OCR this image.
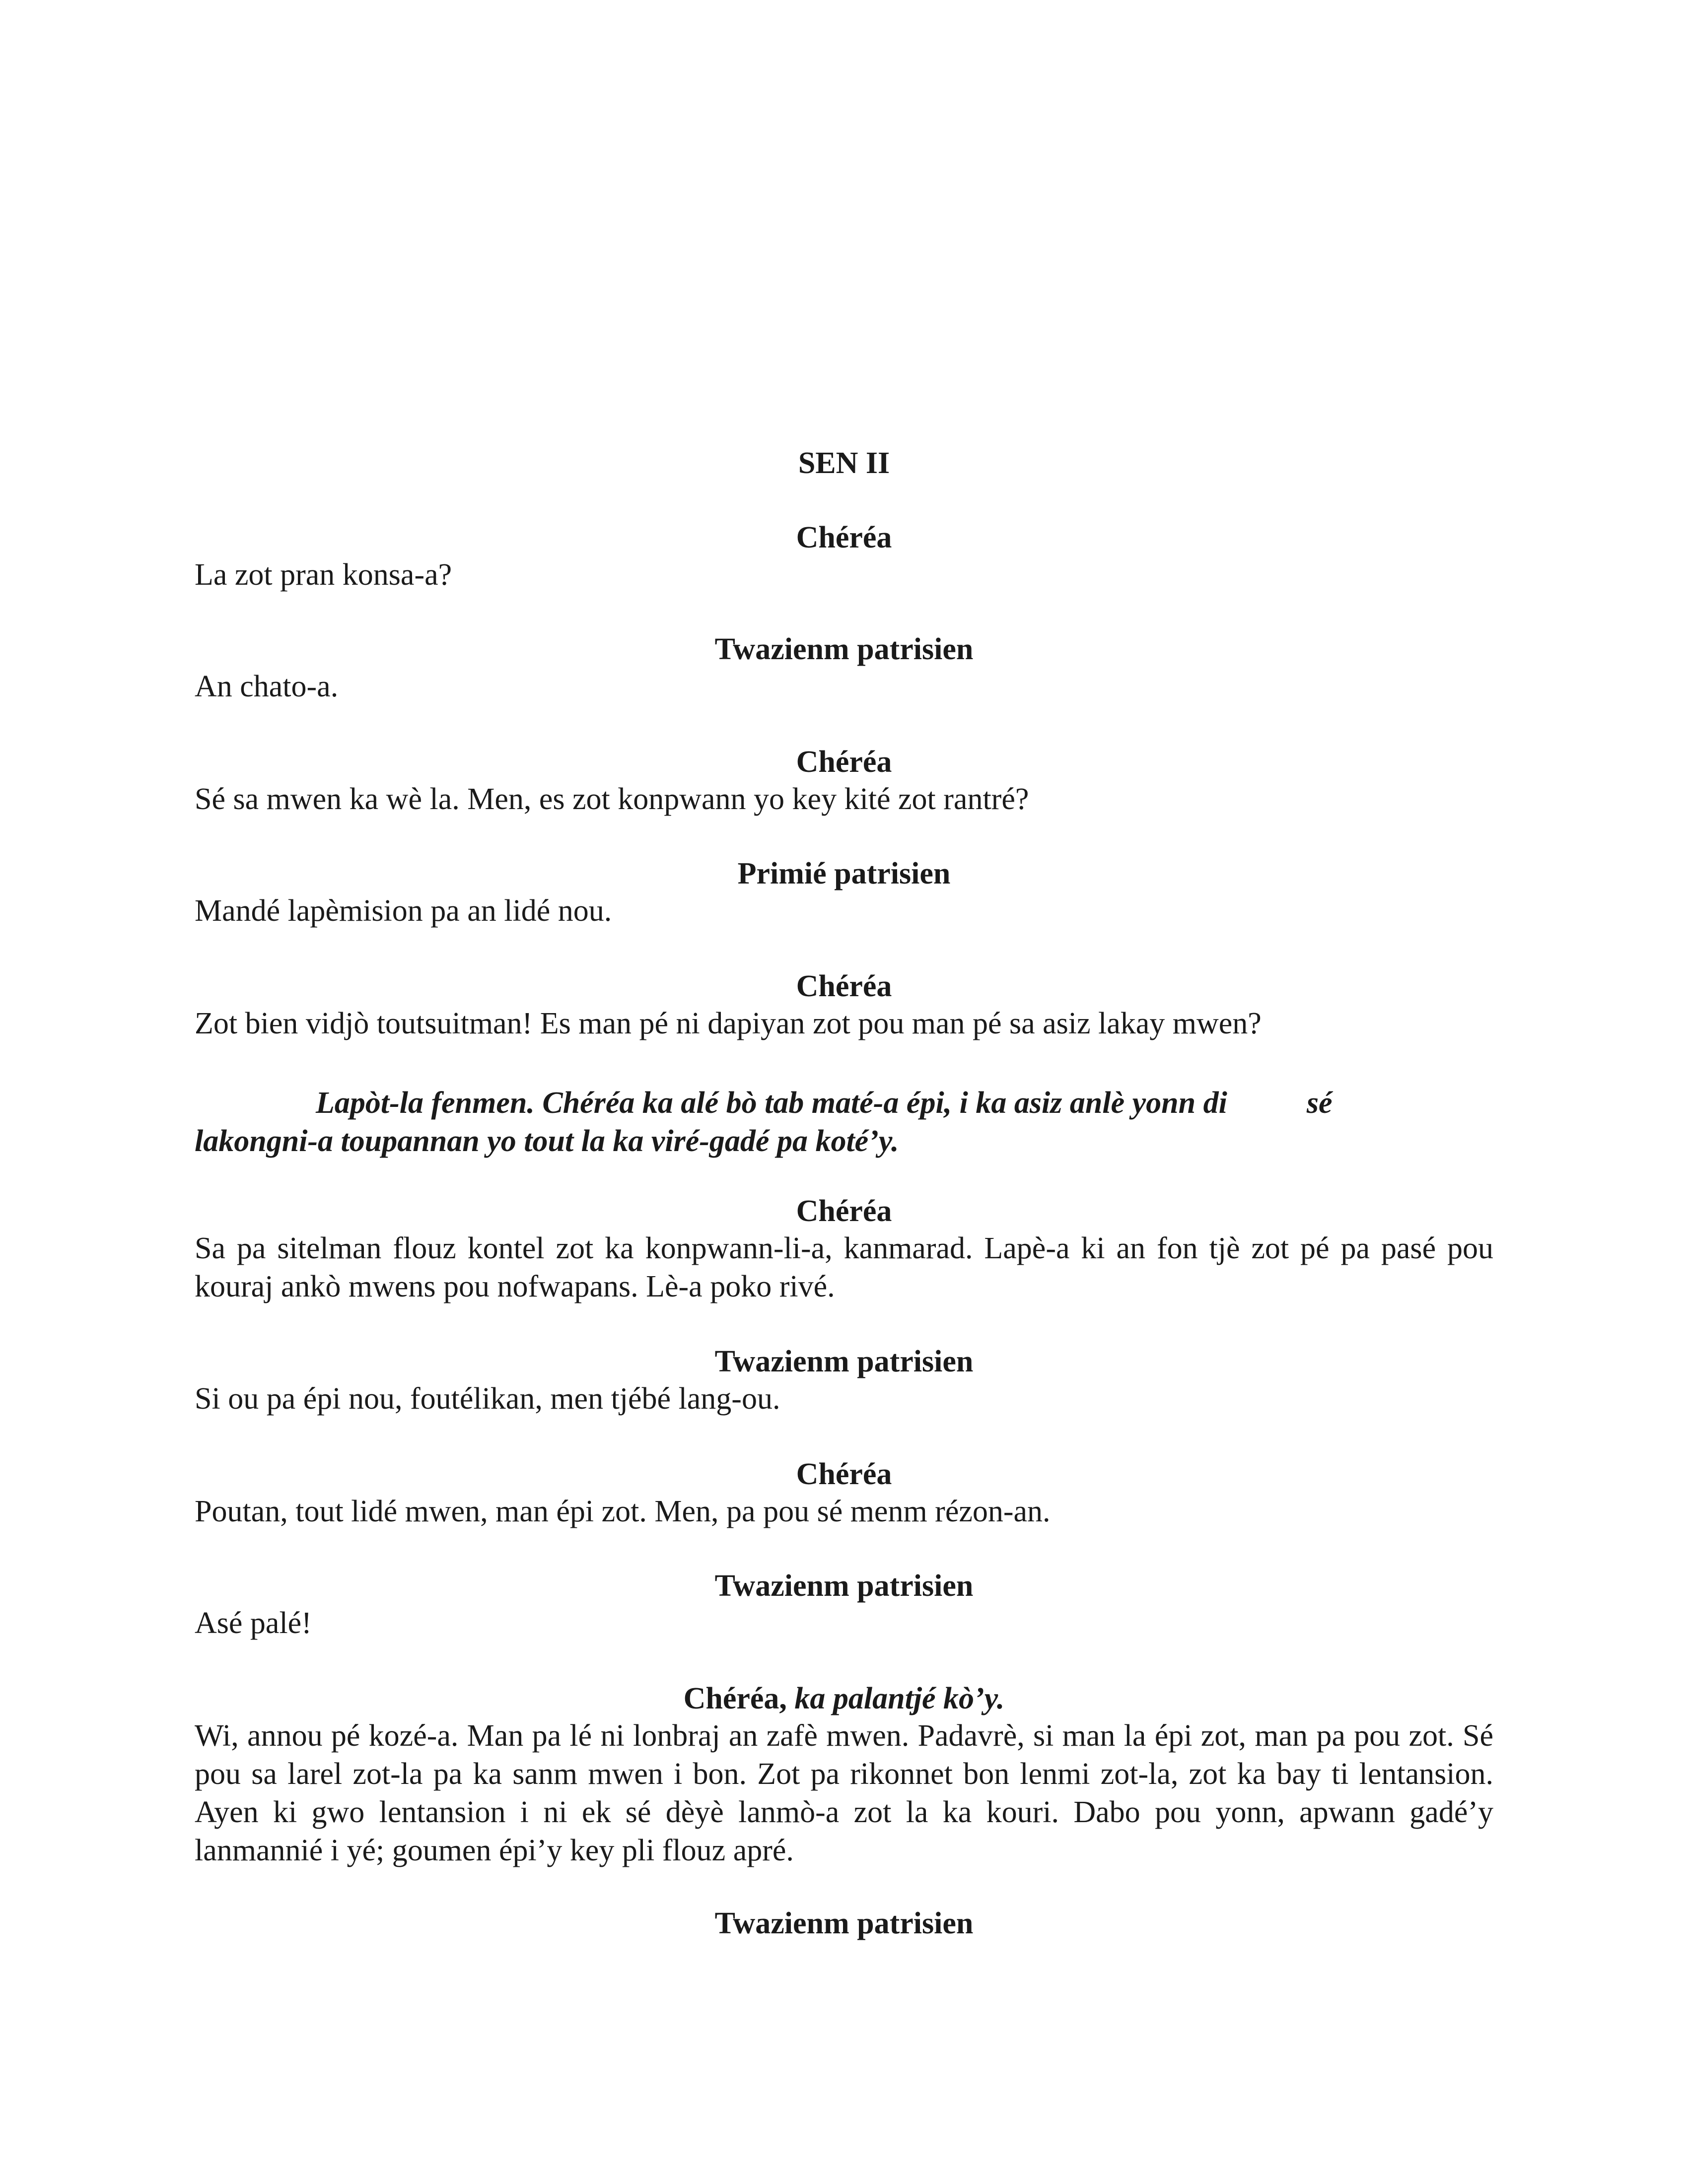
SEN II

Chéréa

La zot pran konsa-a?

Twazienm patrisien

An chato-a.

Chéréa

Sé sa mwen ka wè la. Men, es zot konpwann yo key kité zot rantré?

Primié patrisien

Mandé lapèmision pa an lidé nou.

Chéréa

Zot bien vidjò toutsuitman! Es man pé ni dapiyan zot pou man pé sa asiz lakay mwen?

Lapòt-la fenmen. Chéréa ka alé bò tab maté-a épi, i ka asiz anlè yonn di	sé
lakongni-a toupannan yo tout la ka viré-gadé pa koté’y.

Chéréa

Sa pa sitelman flouz kontel zot ka konpwann-li-a, kanmarad. Lapè-a ki an fon tjè zot pé pa pasé pou kouraj ankò mwens pou nofwapans. Lè-a poko rivé.

Twazienm patrisien

Si ou pa épi nou, foutélikan, men tjébé lang-ou.

Chéréa

Poutan, tout lidé mwen, man épi zot. Men, pa pou sé menm rézon-an.

Twazienm patrisien

Asé palé!

Chéréa, ka palantjé kò’y.

Wi, annou pé kozé-a. Man pa lé ni lonbraj an zafè mwen. Padavrè, si man la épi zot, man pa pou zot. Sé pou sa larel zot-la pa ka sanm mwen i bon. Zot pa rikonnet bon lenmi zot-la, zot ka bay ti lentansion. Ayen ki gwo lentansion i ni ek sé dèyè lanmò-a zot la ka kouri. Dabo pou yonn, apwann gadé’y lanmannié i yé; goumen épi’y key pli flouz apré.

Twazienm patrisien
